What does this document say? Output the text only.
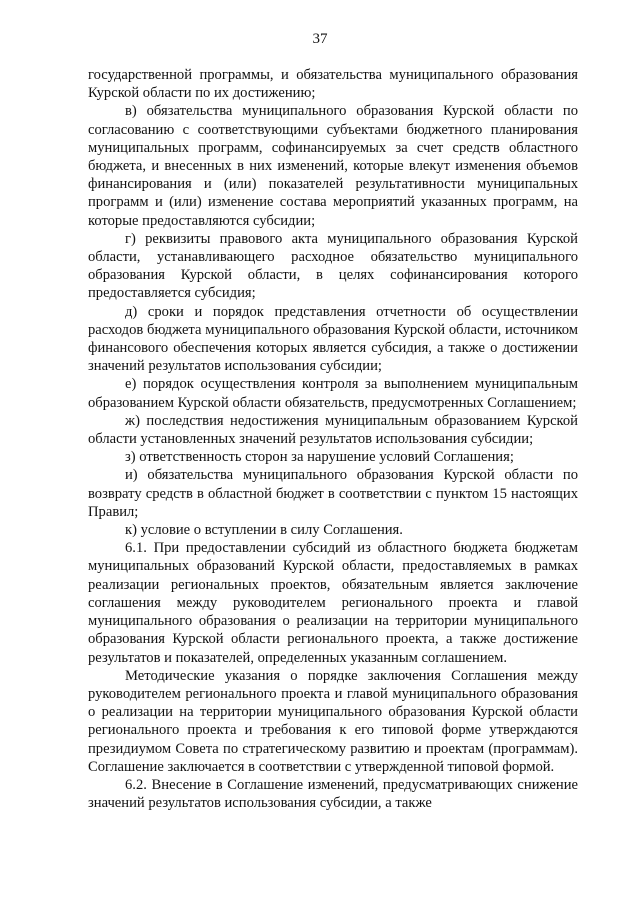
37

государственной программы, и обязательства муниципального образования Курской области по их достижению;

в) обязательства муниципального образования Курской области по согласованию с соответствующими субъектами бюджетного планирования муниципальных программ, софинансируемых за счет средств областного бюджета, и внесенных в них изменений, которые влекут изменения объемов финансирования и (или) показателей результативности муниципальных программ и (или) изменение состава мероприятий указанных программ, на которые предоставляются субсидии;

г) реквизиты правового акта муниципального образования Курской области, устанавливающего расходное обязательство муниципального образования Курской области, в целях софинансирования которого предоставляется субсидия;

д) сроки и порядок представления отчетности об осуществлении расходов бюджета муниципального образования Курской области, источником финансового обеспечения которых является субсидия, а также о достижении значений результатов использования субсидии;

е) порядок осуществления контроля за выполнением муниципальным образованием Курской области обязательств, предусмотренных Соглашением;

ж) последствия недостижения муниципальным образованием Курской области установленных значений результатов использования субсидии;

з) ответственность сторон за нарушение условий Соглашения;

и) обязательства муниципального образования Курской области по возврату средств в областной бюджет в соответствии с пунктом 15 настоящих Правил;

к) условие о вступлении в силу Соглашения.

6.1. При предоставлении субсидий из областного бюджета бюджетам муниципальных образований Курской области, предоставляемых в рамках реализации региональных проектов, обязательным является заключение соглашения между руководителем регионального проекта и главой муниципального образования о реализации на территории муниципального образования Курской области регионального проекта, а также достижение результатов и показателей, определенных указанным соглашением.

Методические указания о порядке заключения Соглашения между руководителем регионального проекта и главой муниципального образования о реализации на территории муниципального образования Курской области регионального проекта и требования к его типовой форме утверждаются президиумом Совета по стратегическому развитию и проектам (программам). Соглашение заключается в соответствии с утвержденной типовой формой.

6.2. Внесение в Соглашение изменений, предусматривающих снижение значений результатов использования субсидии, а также
